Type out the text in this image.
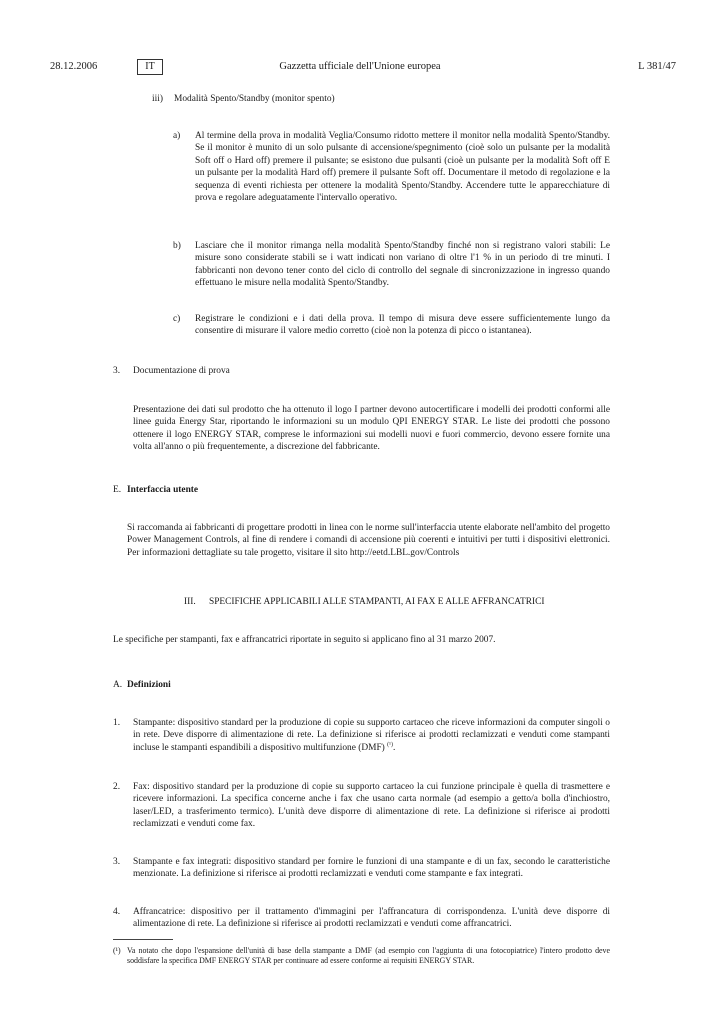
28.12.2006	IT	Gazzetta ufficiale dell'Unione europea	L 381/47
iii) Modalità Spento/Standby (monitor spento)
a) Al termine della prova in modalità Veglia/Consumo ridotto mettere il monitor nella modalità Spento/Standby. Se il monitor è munito di un solo pulsante di accensione/spegnimento (cioè solo un pulsante per la modalità Soft off o Hard off) premere il pulsante; se esistono due pulsanti (cioè un pulsante per la modalità Soft off E un pulsante per la modalità Hard off) premere il pulsante Soft off. Documentare il metodo di regolazione e la sequenza di eventi richiesta per ottenere la modalità Spento/Standby. Accendere tutte le apparecchiature di prova e regolare adeguatamente l'intervallo operativo.

b) Lasciare che il monitor rimanga nella modalità Spento/Standby finché non si registrano valori stabili: Le misure sono considerate stabili se i watt indicati non variano di oltre l'1 % in un periodo di tre minuti. I fabbricanti non devono tener conto del ciclo di controllo del segnale di sincronizzazione in ingresso quando effettuano le misure nella modalità Spento/Standby.

c) Registrare le condizioni e i dati della prova. Il tempo di misura deve essere sufficientemente lungo da consentire di misurare il valore medio corretto (cioè non la potenza di picco o istantanea).

3. Documentazione di prova

Presentazione dei dati sul prodotto che ha ottenuto il logo I partner devono autocertificare i modelli dei prodotti conformi alle linee guida Energy Star, riportando le informazioni su un modulo QPI ENERGY STAR. Le liste dei prodotti che possono ottenere il logo ENERGY STAR, comprese le informazioni sui modelli nuovi e fuori commercio, devono essere fornite una volta all'anno o più frequentemente, a discrezione del fabbricante.

E. Interfaccia utente

Si raccomanda ai fabbricanti di progettare prodotti in linea con le norme sull'interfaccia utente elaborate nell'ambito del progetto Power Management Controls, al fine di rendere i comandi di accensione più coerenti e intuitivi per tutti i dispositivi elettronici. Per informazioni dettagliate su tale progetto, visitare il sito http://eetd.LBL.gov/Controls

III. SPECIFICHE APPLICABILI ALLE STAMPANTI, AI FAX E ALLE AFFRANCATRICI

Le specifiche per stampanti, fax e affrancatrici riportate in seguito si applicano fino al 31 marzo 2007.

A. Definizioni
1. Stampante: dispositivo standard per la produzione di copie su supporto cartaceo che riceve informazioni da computer singoli o in rete. Deve disporre di alimentazione di rete. La definizione si riferisce ai prodotti reclamizzati e venduti come stampanti incluse le stampanti espandibili a dispositivo multifunzione (DMF) $^{(^1)}$.

2. Fax: dispositivo standard per la produzione di copie su supporto cartaceo la cui funzione principale è quella di trasmettere e ricevere informazioni. La specifica concerne anche i fax che usano carta normale (ad esempio a getto/a bolla d'inchiostro, laser/LED, a trasferimento termico). L'unità deve disporre di alimentazione di rete. La definizione si riferisce ai prodotti reclamizzati e venduti come fax.

3. Stampante e fax integrati: dispositivo standard per fornire le funzioni di una stampante e di un fax, secondo le caratteristiche menzionate. La definizione si riferisce ai prodotti reclamizzati e venduti come stampante e fax integrati.

4. Affrancatrice: dispositivo per il trattamento d'immagini per l'affrancatura di corrispondenza. L'unità deve disporre di alimentazione di rete. La definizione si riferisce ai prodotti reclamizzati e venduti come affrancatrici.

(¹) Va notato che dopo l'espansione dell'unità di base della stampante a DMF (ad esempio con l'aggiunta di una fotocopiatrice) l'intero prodotto deve soddisfare la specifica DMF ENERGY STAR per continuare ad essere conforme ai requisiti ENERGY STAR.
